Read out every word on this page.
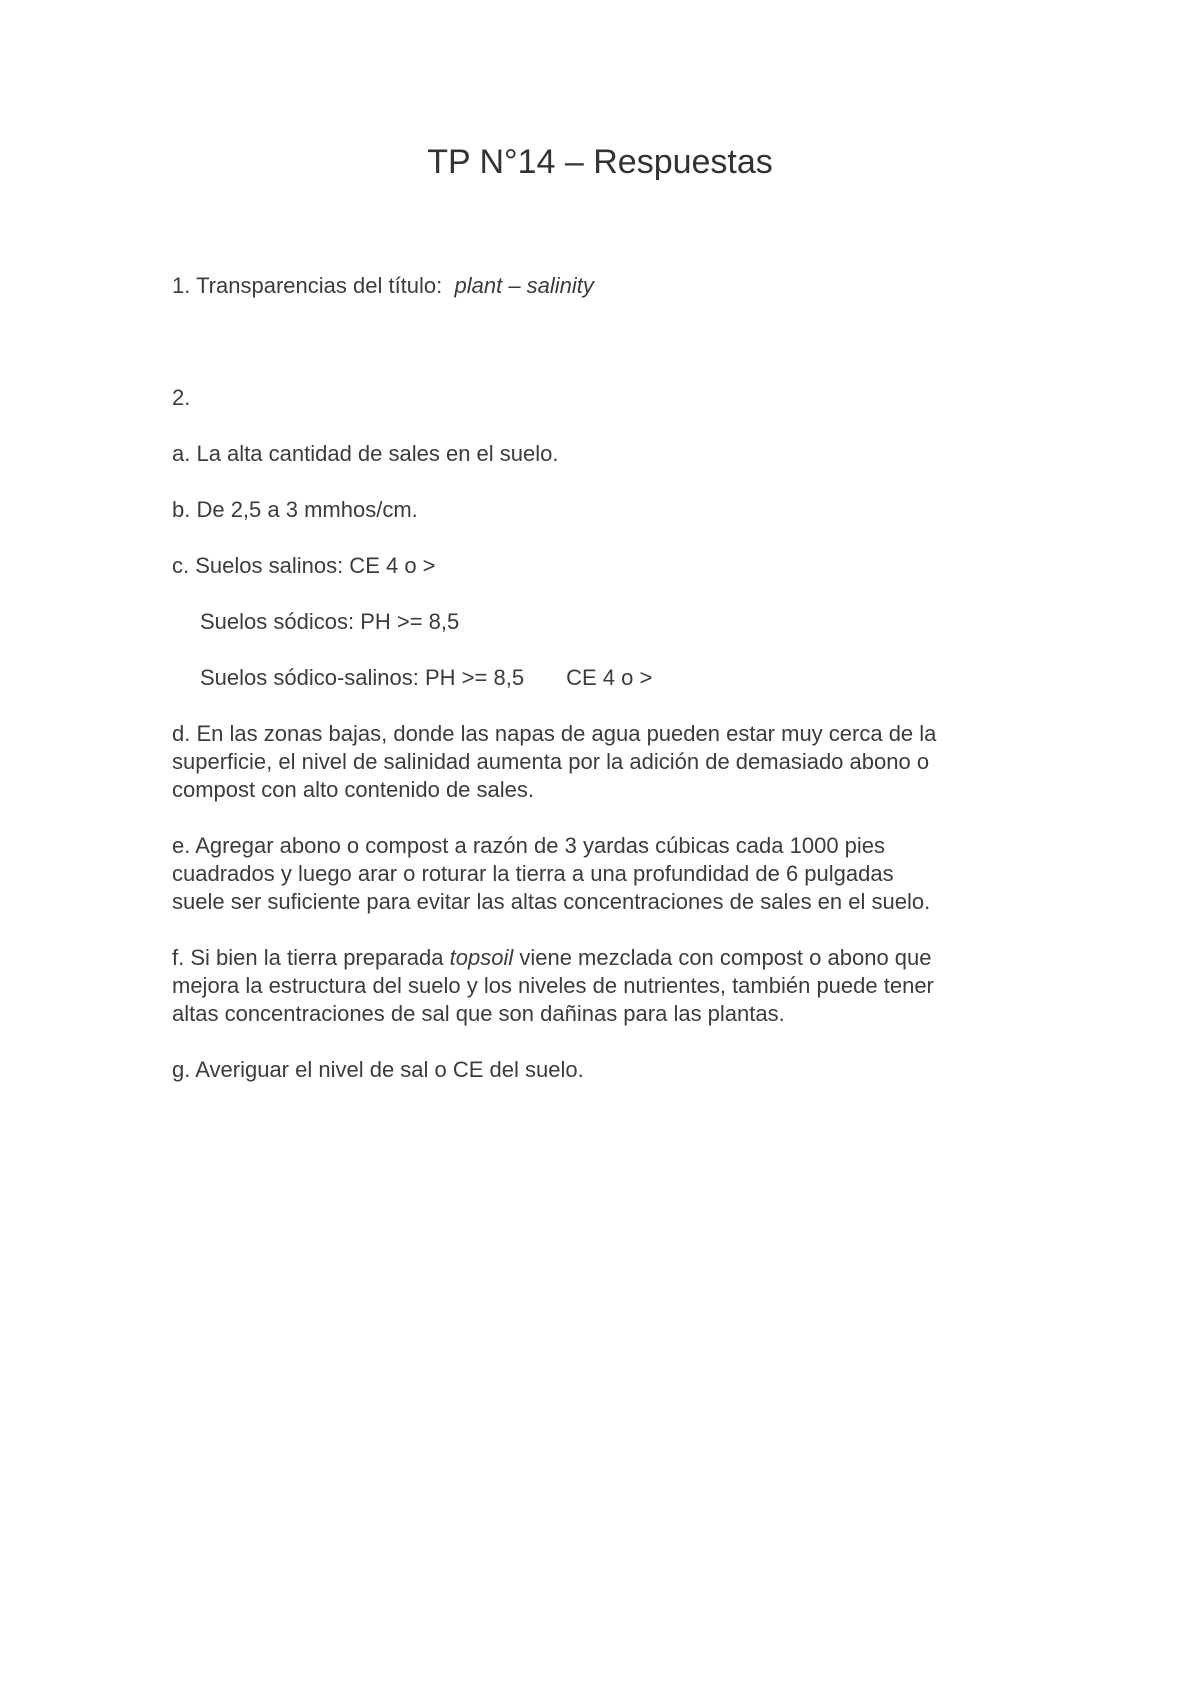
TP N°14 – Respuestas

1. Transparencias del título: plant – salinity

2.

a. La alta cantidad de sales en el suelo.

b. De 2,5 a 3 mmhos/cm.

c. Suelos salinos: CE 4 o >

Suelos sódicos: PH >= 8,5

Suelos sódico-salinos: PH >= 8,5 CE 4 o >

d. En las zonas bajas, donde las napas de agua pueden estar muy cerca de la
superficie, el nivel de salinidad aumenta por la adición de demasiado abono o
compost con alto contenido de sales.
e. Agregar abono o compost a razón de 3 yardas cúbicas cada 1000 pies
cuadrados y luego arar o roturar la tierra a una profundidad de 6 pulgadas
suele ser suficiente para evitar las altas concentraciones de sales en el suelo.
f. Si bien la tierra preparada topsoil viene mezclada con compost o abono que
mejora la estructura del suelo y los niveles de nutrientes, también puede tener
altas concentraciones de sal que son dañinas para las plantas.

g. Averiguar el nivel de sal o CE del suelo.
